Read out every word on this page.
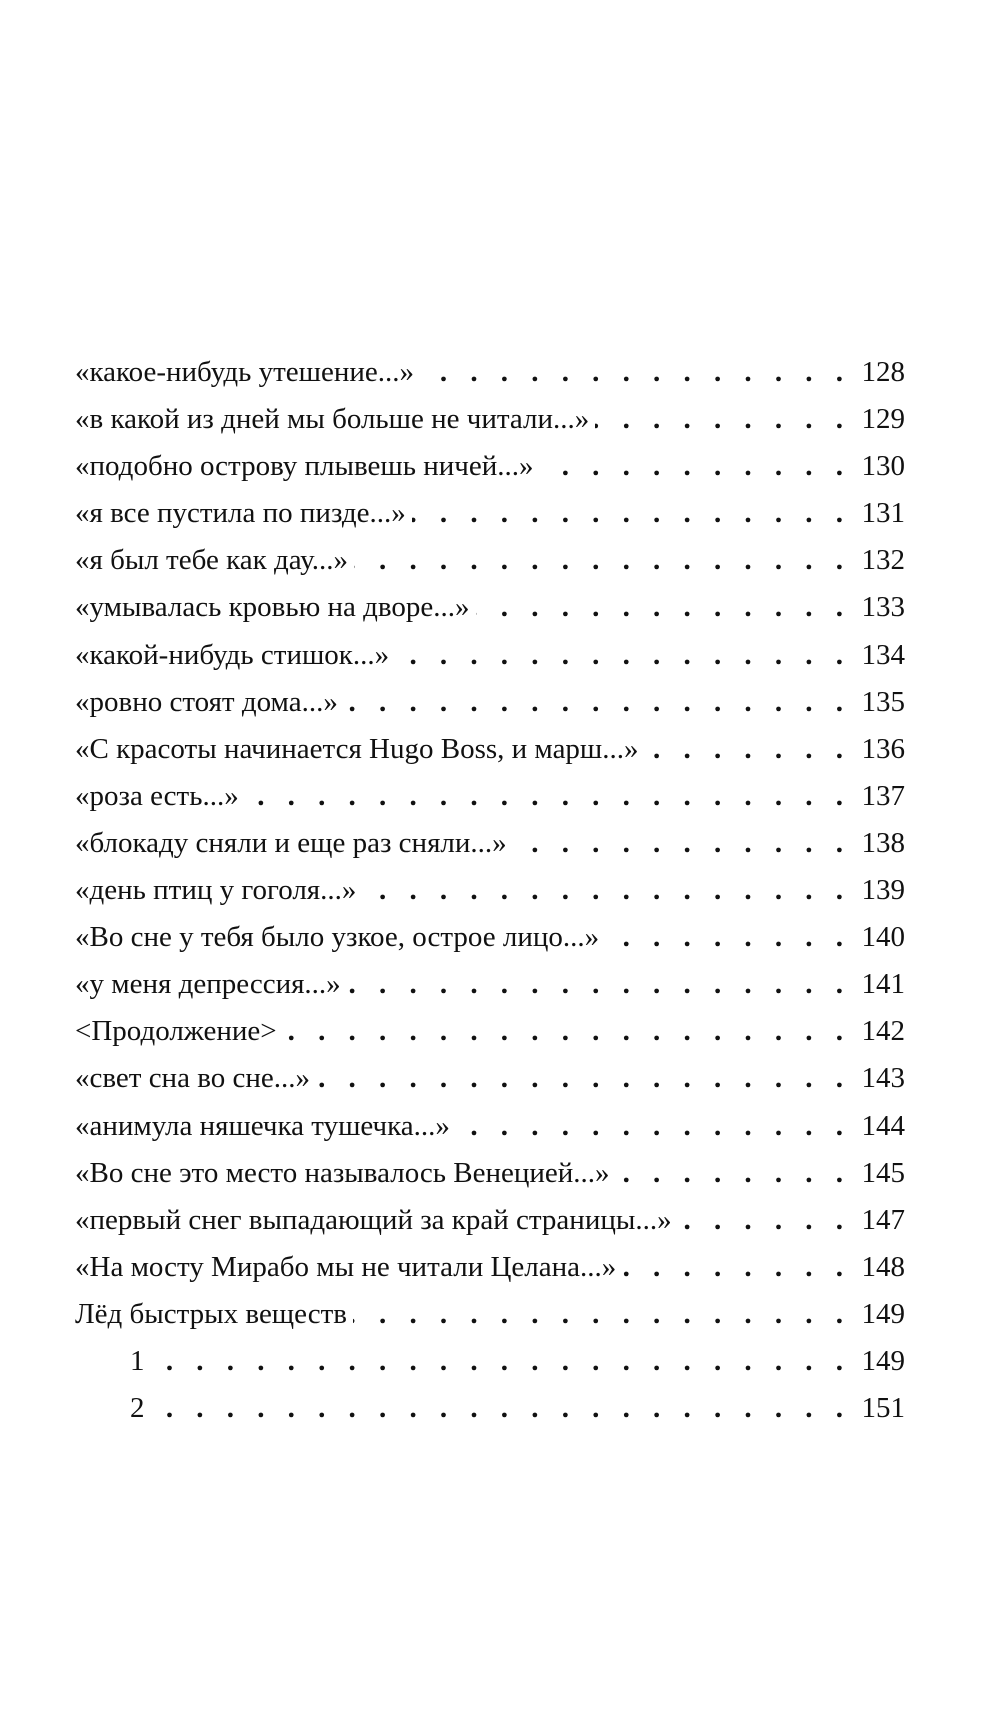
«какое-нибудь утешение...» . . .	128
«в какой из дней мы больше не читали...» . . .	129
«подобно острову плывешь ничей...» . . .	130
«я все пустила по пизде...» . . .	131
«я был тебе как дау...» . . .	132
«умывалась кровью на дворе...» . . .	133
«какой-нибудь стишок...» . . .	134
«ровно стоят дома...» . . .	135
«С красоты начинается Hugo Boss, и марш...» . . .	136
«роза есть...» . . .	137
«блокаду сняли и еще раз сняли...» . . .	138
«день птиц у гоголя...» . . .	139
«Во сне у тебя было узкое, острое лицо...» . . .	140
«у меня депрессия...» . . .	141
<Продолжение> . . .	142
«свет сна во сне...» . . .	143
«анимула няшечка тушечка...» . . .	144
«Во сне это место называлось Венецией...» . . .	145
«первый снег выпадающий за край страницы...» . . .	147
«На мосту Мирабо мы не читали Целана...» . . .	148
Лёд быстрых веществ . . .	149
1 . . .	149
2 . . .	151
